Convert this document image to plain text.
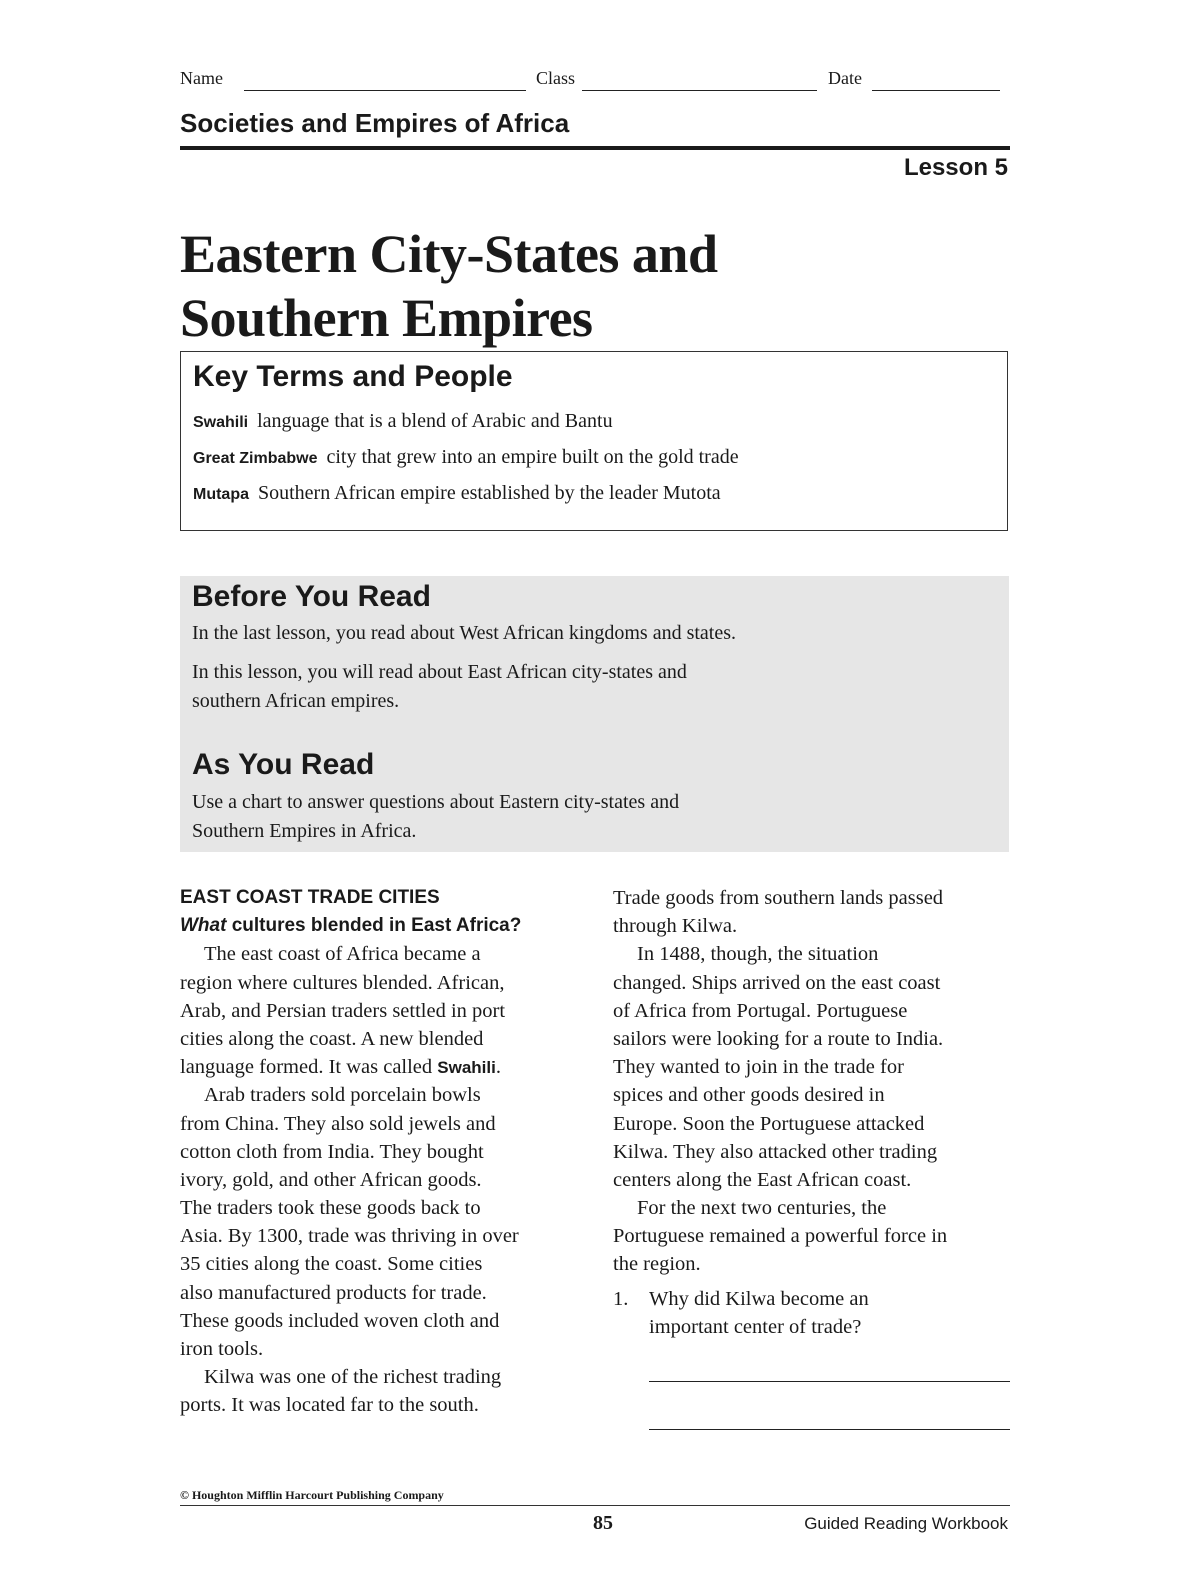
Name	Class	Date
Societies and Empires of Africa
Lesson 5
Eastern City-States and
Southern Empires
Key Terms and People
Swahili language that is a blend of Arabic and Bantu
Great Zimbabwe city that grew into an empire built on the gold trade
Mutapa Southern African empire established by the leader Mutota
Before You Read

In the last lesson, you read about West African kingdoms and states.

In this lesson, you will read about East African city-states and

southern African empires.

As You Read

Use a chart to answer questions about Eastern city-states and

Southern Empires in Africa.

EAST COAST TRADE CITIES
What cultures blended in East Africa?
The east coast of Africa became a
region where cultures blended. African,
Arab, and Persian traders settled in port
cities along the coast. A new blended
language formed. It was called Swahili.
Arab traders sold porcelain bowls
from China. They also sold jewels and
cotton cloth from India. They bought
ivory, gold, and other African goods.
The traders took these goods back to
Asia. By 1300, trade was thriving in over
35 cities along the coast. Some cities
also manufactured products for trade.
These goods included woven cloth and
iron tools.
Kilwa was one of the richest trading
ports. It was located far to the south.
Trade goods from southern lands passed
through Kilwa.
In 1488, though, the situation
changed. Ships arrived on the east coast
of Africa from Portugal. Portuguese
sailors were looking for a route to India.
They wanted to join in the trade for
spices and other goods desired in
Europe. Soon the Portuguese attacked
Kilwa. They also attacked other trading
centers along the East African coast.
For the next two centuries, the
Portuguese remained a powerful force in
the region.
1. Why did Kilwa become an
important center of trade?
© Houghton Mifflin Harcourt Publishing Company
85	Guided Reading Workbook
